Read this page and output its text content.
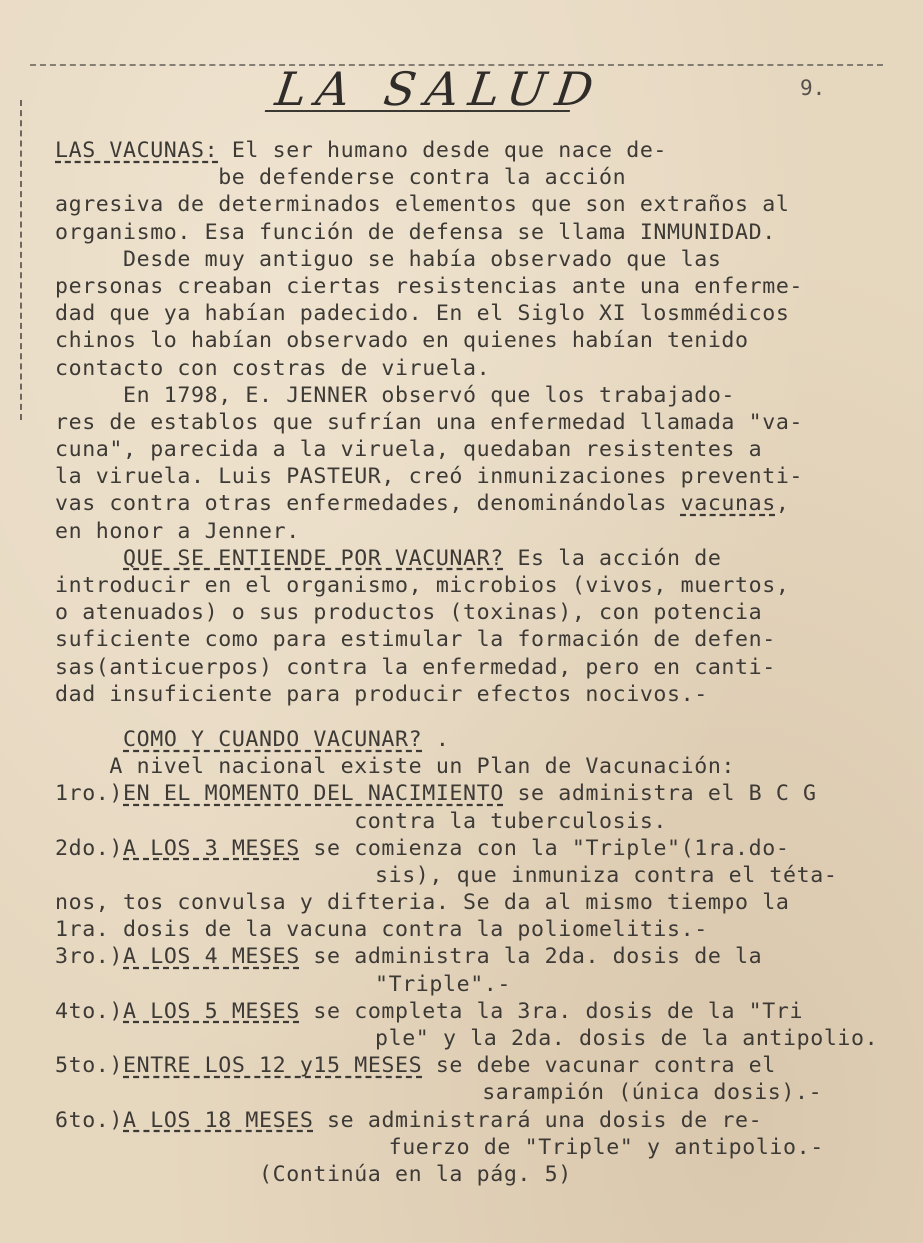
LA SALUD	9.
LAS VACUNAS: El ser humano desde que nace de-
be defenderse contra la acción
agresiva de determinados elementos que son extraños al
organismo. Esa función de defensa se llama INMUNIDAD.
Desde muy antiguo se había observado que las
personas creaban ciertas resistencias ante una enferme-
dad que ya habían padecido. En el Siglo XI losmmédicos
chinos lo habían observado en quienes habían tenido
contacto con costras de viruela.
En 1798, E. JENNER observó que los trabajado-
res de establos que sufrían una enfermedad llamada "va-
cuna", parecida a la viruela, quedaban resistentes a
la viruela. Luis PASTEUR, creó inmunizaciones preventi-
vas contra otras enfermedades, denominándolas vacunas,
en honor a Jenner.
QUE SE ENTIENDE POR VACUNAR? Es la acción de
introducir en el organismo, microbios (vivos, muertos,
o atenuados) o sus productos (toxinas), con potencia
suficiente como para estimular la formación de defen-
sas(anticuerpos) contra la enfermedad, pero en canti-
dad insuficiente para producir efectos nocivos.-
COMO Y CUANDO VACUNAR? .
A nivel nacional existe un Plan de Vacunación:
1ro.)EN EL MOMENTO DEL NACIMIENTO se administra el B C G
contra la tuberculosis.
2do.)A LOS 3 MESES se comienza con la "Triple"(1ra.do-
sis), que inmuniza contra el téta-
nos, tos convulsa y difteria. Se da al mismo tiempo la
1ra. dosis de la vacuna contra la poliomelitis.-
3ro.)A LOS 4 MESES se administra la 2da. dosis de la
"Triple".-
4to.)A LOS 5 MESES se completa la 3ra. dosis de la "Tri
ple" y la 2da. dosis de la antipolio.
5to.)ENTRE LOS 12 y15 MESES se debe vacunar contra el
sarampión (única dosis).-
6to.)A LOS 18 MESES se administrará una dosis de re-
fuerzo de "Triple" y antipolio.-
(Continúa en la pág. 5)
